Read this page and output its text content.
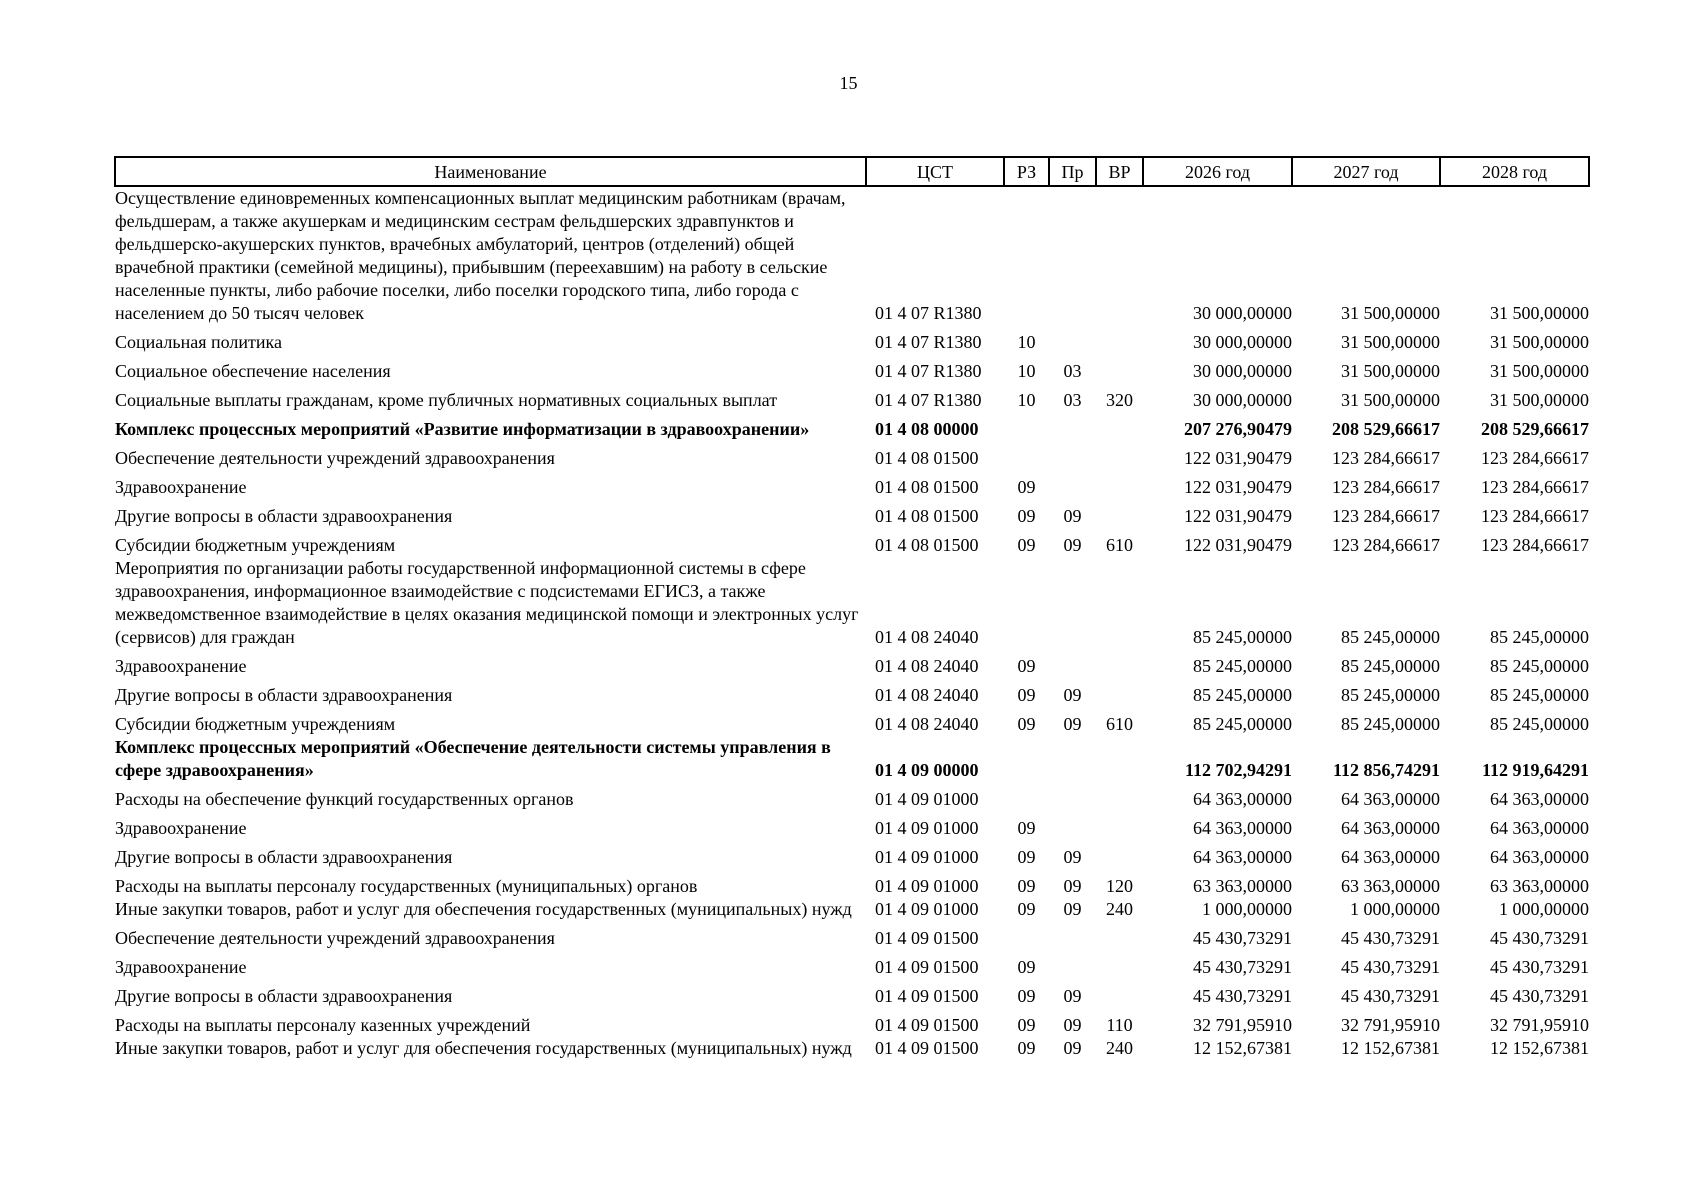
15
Наименование	ЦСТ	РЗ	Пр	ВР	2026 год	2027 год	2028 год
Осуществление единовременных компенсационных выплат медицинским работникам (врачам, фельдшерам, а также акушеркам и медицинским сестрам фельдшерских здравпунктов и фельдшерско-акушерских пунктов, врачебных амбулаторий, центров (отделений) общей врачебной практики (семейной медицины), прибывшим (переехавшим) на работу в сельские населенные пункты, либо рабочие поселки, либо поселки городского типа, либо города с населением до 50 тысяч человек	01 4 07 R1380				30 000,00000	31 500,00000	31 500,00000
Социальная политика	01 4 07 R1380	10			30 000,00000	31 500,00000	31 500,00000
Социальное обеспечение населения	01 4 07 R1380	10	03		30 000,00000	31 500,00000	31 500,00000
Социальные выплаты гражданам, кроме публичных нормативных социальных выплат	01 4 07 R1380	10	03	320	30 000,00000	31 500,00000	31 500,00000
Комплекс процессных мероприятий «Развитие информатизации в здравоохранении»	01 4 08 00000				207 276,90479	208 529,66617	208 529,66617
Обеспечение деятельности учреждений здравоохранения	01 4 08 01500				122 031,90479	123 284,66617	123 284,66617
Здравоохранение	01 4 08 01500	09			122 031,90479	123 284,66617	123 284,66617
Другие вопросы в области здравоохранения	01 4 08 01500	09	09		122 031,90479	123 284,66617	123 284,66617
Субсидии бюджетным учреждениям	01 4 08 01500	09	09	610	122 031,90479	123 284,66617	123 284,66617
Мероприятия по организации работы государственной информационной системы в сфере здравоохранения, информационное взаимодействие с подсистемами ЕГИСЗ, а также межведомственное взаимодействие в целях оказания медицинской помощи и электронных услуг (сервисов) для граждан	01 4 08 24040				85 245,00000	85 245,00000	85 245,00000
Здравоохранение	01 4 08 24040	09			85 245,00000	85 245,00000	85 245,00000
Другие вопросы в области здравоохранения	01 4 08 24040	09	09		85 245,00000	85 245,00000	85 245,00000
Субсидии бюджетным учреждениям	01 4 08 24040	09	09	610	85 245,00000	85 245,00000	85 245,00000
Комплекс процессных мероприятий «Обеспечение деятельности системы управления в сфере здравоохранения»	01 4 09 00000				112 702,94291	112 856,74291	112 919,64291
Расходы на обеспечение функций государственных органов	01 4 09 01000				64 363,00000	64 363,00000	64 363,00000
Здравоохранение	01 4 09 01000	09			64 363,00000	64 363,00000	64 363,00000
Другие вопросы в области здравоохранения	01 4 09 01000	09	09		64 363,00000	64 363,00000	64 363,00000
Расходы на выплаты персоналу государственных (муниципальных) органов	01 4 09 01000	09	09	120	63 363,00000	63 363,00000	63 363,00000
Иные закупки товаров, работ и услуг для обеспечения государственных (муниципальных) нужд	01 4 09 01000	09	09	240	1 000,00000	1 000,00000	1 000,00000
Обеспечение деятельности учреждений здравоохранения	01 4 09 01500				45 430,73291	45 430,73291	45 430,73291
Здравоохранение	01 4 09 01500	09			45 430,73291	45 430,73291	45 430,73291
Другие вопросы в области здравоохранения	01 4 09 01500	09	09		45 430,73291	45 430,73291	45 430,73291
Расходы на выплаты персоналу казенных учреждений	01 4 09 01500	09	09	110	32 791,95910	32 791,95910	32 791,95910
Иные закупки товаров, работ и услуг для обеспечения государственных (муниципальных) нужд	01 4 09 01500	09	09	240	12 152,67381	12 152,67381	12 152,67381
